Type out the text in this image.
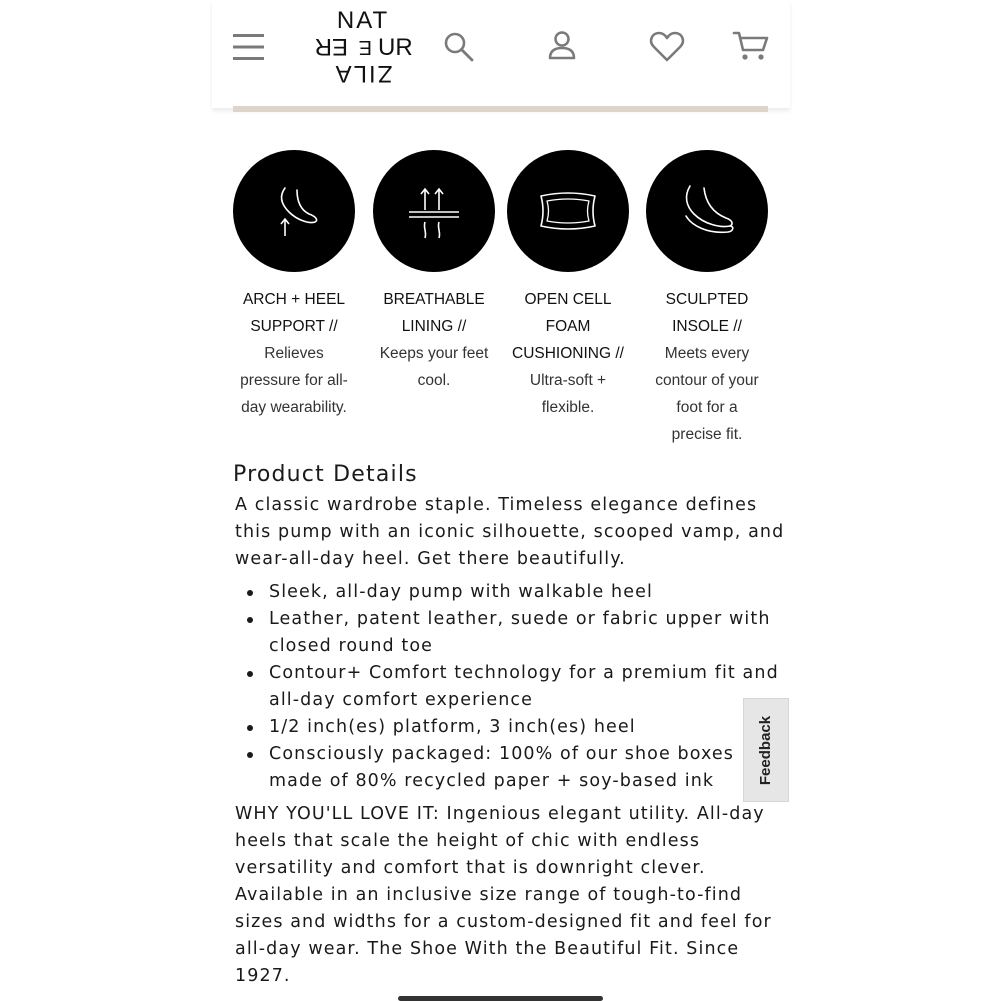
NAT
ER E UR
ZILA
ARCH + HEEL
SUPPORT //
Relieves
pressure for all-
day wearability.
BREATHABLE
LINING //
Keeps your feet
cool.
OPEN CELL
FOAM
CUSHIONING //
Ultra-soft +
flexible.
SCULPTED
INSOLE //
Meets every
contour of your
foot for a
precise fit.
Product Details

A classic wardrobe staple. Timeless elegance defines this pump with an iconic silhouette, scooped vamp, and wear-all-day heel. Get there beautifully.

Sleek, all-day pump with walkable heel
Leather, patent leather, suede or fabric upper with closed round toe
Contour+ Comfort technology for a premium fit and all-day comfort experience
1/2 inch(es) platform, 3 inch(es) heel
Consciously packaged: 100% of our shoe boxes made of 80% recycled paper + soy-based ink

WHY YOU'LL LOVE IT: Ingenious elegant utility. All-day heels that scale the height of chic with endless versatility and comfort that is downright clever. Available in an inclusive size range of tough-to-find sizes and widths for a custom-designed fit and feel for all-day wear. The Shoe With the Beautiful Fit. Since 1927.

Feedback
